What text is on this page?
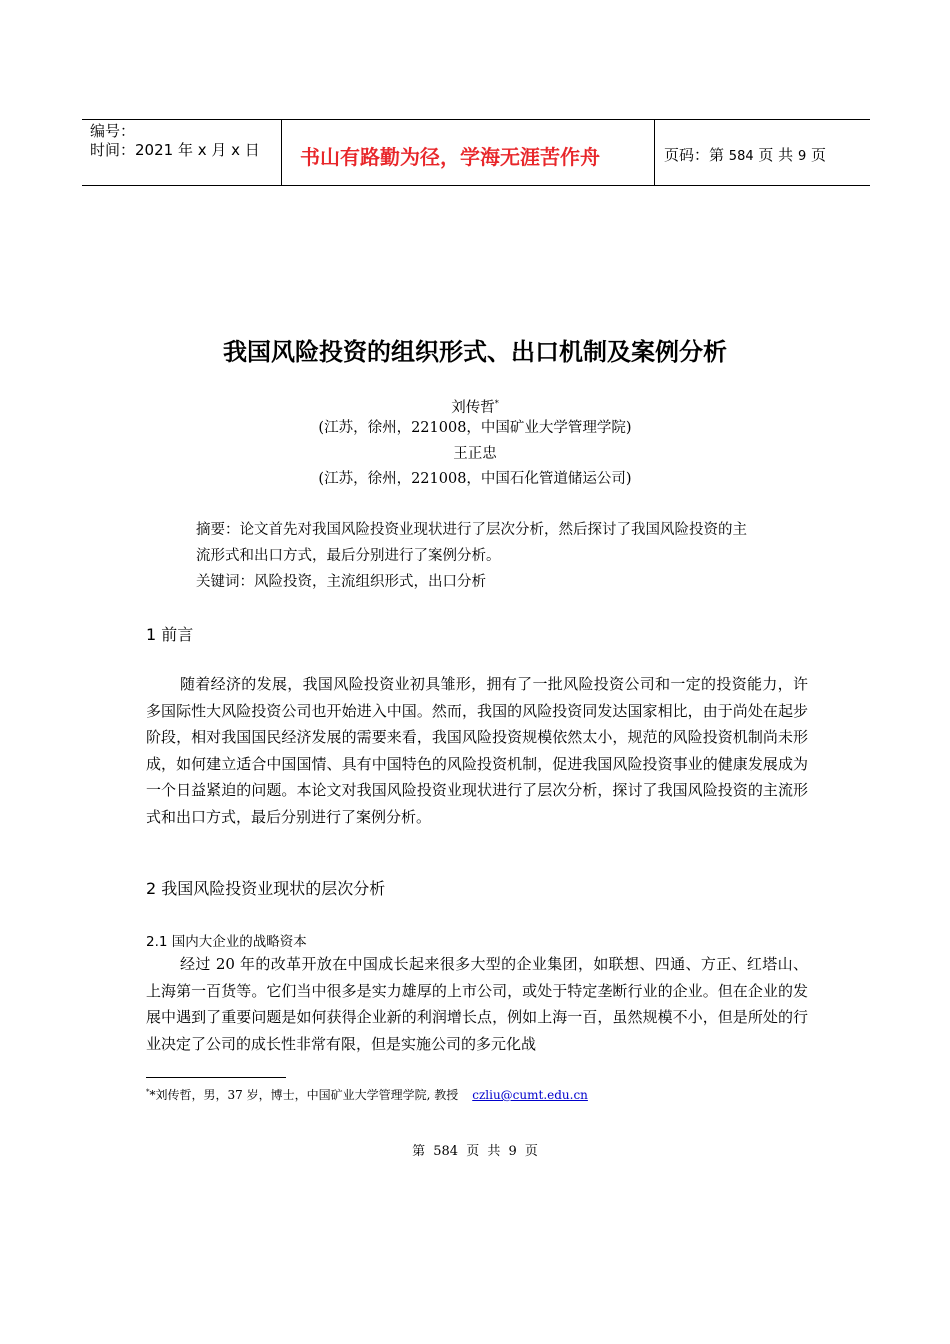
编号：
时间：2021 年 x 月 x 日 书山有路勤为径，学海无涯苦作舟	页码：第 584 页 共 9 页
我国风险投资的组织形式、出口机制及案例分析
刘传哲*
(江苏，徐州，221008，中国矿业大学管理学院)
王正忠
(江苏，徐州，221008，中国石化管道储运公司)
摘要：论文首先对我国风险投资业现状进行了层次分析，然后探讨了我国风险投资的主流形式和出口方式，最后分别进行了案例分析。
关键词：风险投资，主流组织形式，出口分析
1 前言

随着经济的发展，我国风险投资业初具雏形，拥有了一批风险投资公司和一定的投资能力，许多国际性大风险投资公司也开始进入中国。然而，我国的风险投资同发达国家相比，由于尚处在起步阶段，相对我国国民经济发展的需要来看，我国风险投资规模依然太小，规范的风险投资机制尚未形成，如何建立适合中国国情、具有中国特色的风险投资机制，促进我国风险投资事业的健康发展成为一个日益紧迫的问题。本论文对我国风险投资业现状进行了层次分析，探讨了我国风险投资的主流形式和出口方式，最后分别进行了案例分析。

2 我国风险投资业现状的层次分析
2.1 国内大企业的战略资本

经过 20 年的改革开放在中国成长起来很多大型的企业集团，如联想、四通、方正、红塔山、上海第一百货等。它们当中很多是实力雄厚的上市公司，或处于特定垄断行业的企业。但在企业的发展中遇到了重要问题是如何获得企业新的利润增长点，例如上海一百，虽然规模不小，但是所处的行业决定了公司的成长性非常有限，但是实施公司的多元化战

**刘传哲，男，37 岁，博士，中国矿业大学管理学院, 教授 czliu@cumt.edu.cn
第 584 页 共 9 页
